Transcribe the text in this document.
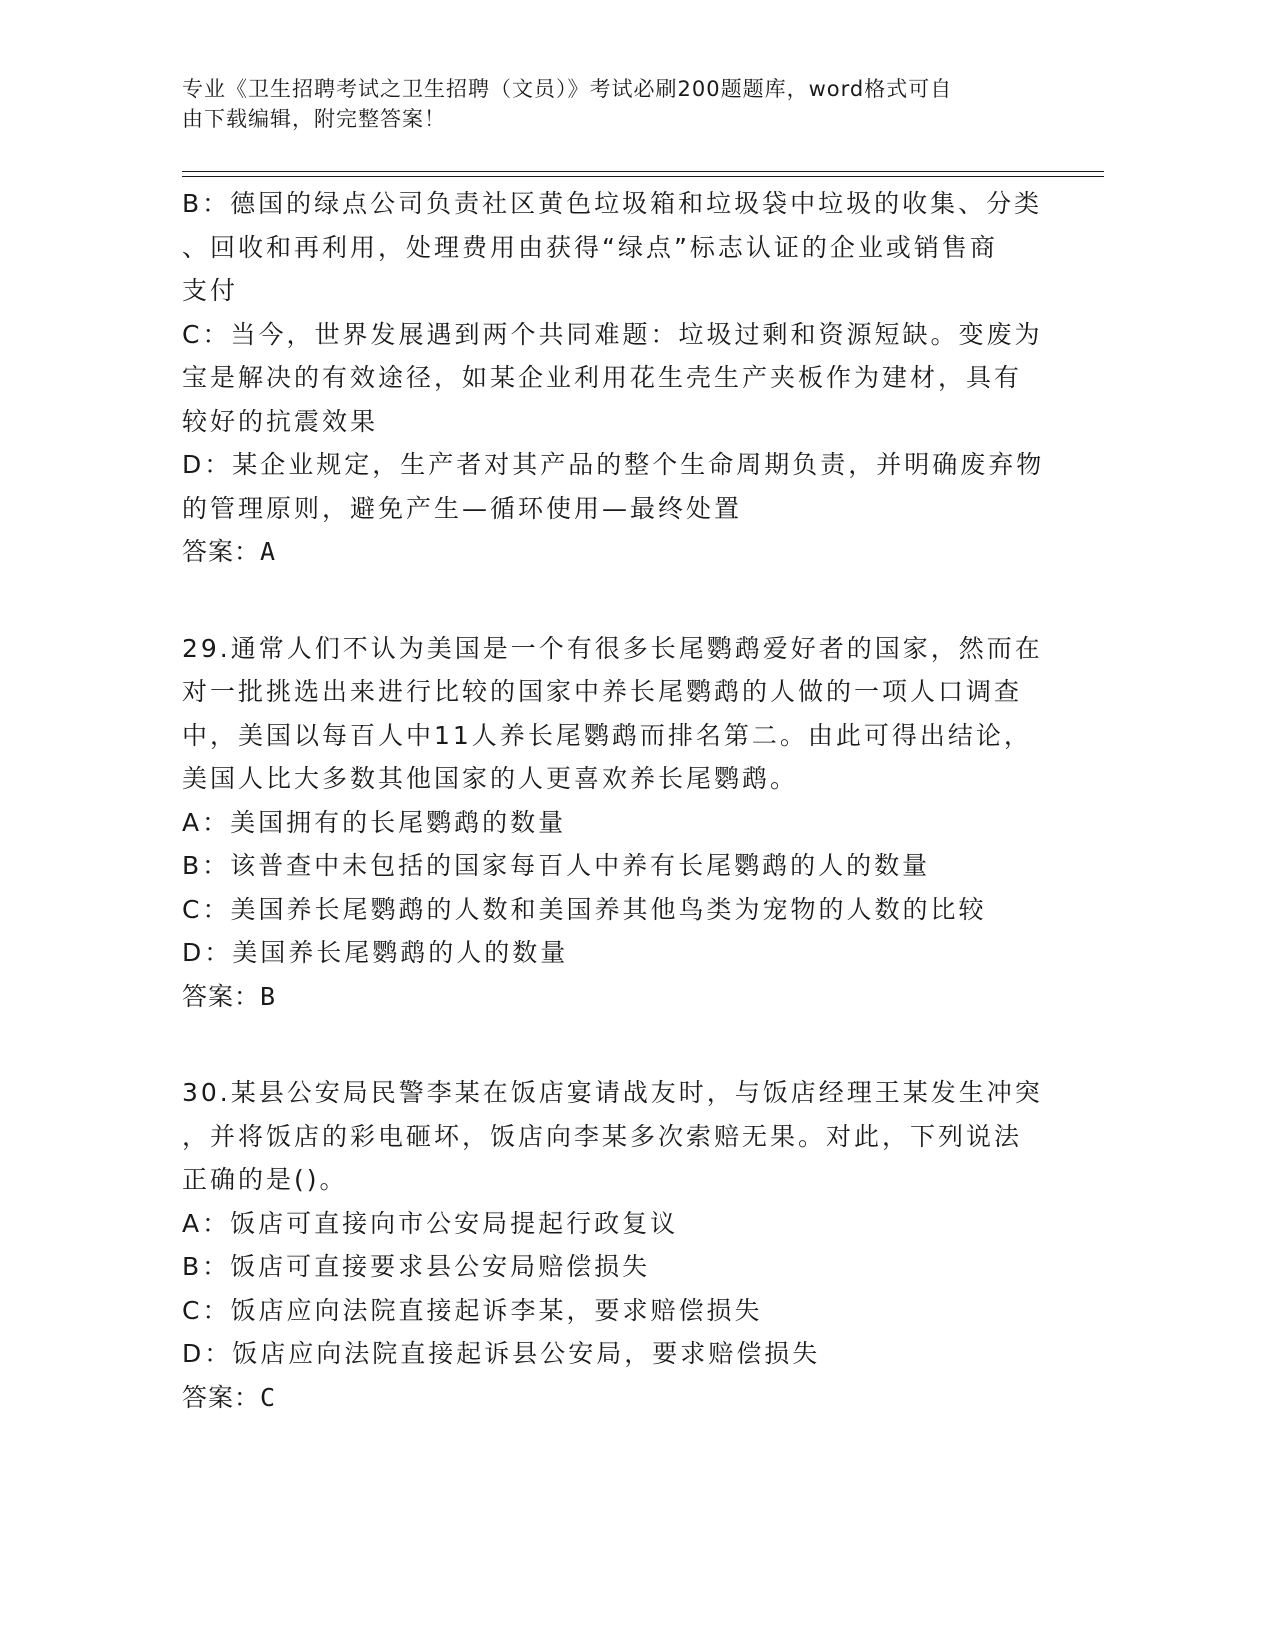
专业《卫生招聘考试之卫生招聘（文员）》考试必刷200题题库，word格式可自
由下载编辑，附完整答案！
B：德国的绿点公司负责社区黄色垃圾箱和垃圾袋中垃圾的收集、分类
、回收和再利用，处理费用由获得“绿点”标志认证的企业或销售商
支付
C：当今，世界发展遇到两个共同难题：垃圾过剩和资源短缺。变废为
宝是解决的有效途径，如某企业利用花生壳生产夹板作为建材，具有
较好的抗震效果
D：某企业规定，生产者对其产品的整个生命周期负责，并明确废弃物
的管理原则，避免产生—循环使用—最终处置
答案：A
29.通常人们不认为美国是一个有很多长尾鹦鹉爱好者的国家，然而在
对一批挑选出来进行比较的国家中养长尾鹦鹉的人做的一项人口调查
中，美国以每百人中11人养长尾鹦鹉而排名第二。由此可得出结论，
美国人比大多数其他国家的人更喜欢养长尾鹦鹉。
A：美国拥有的长尾鹦鹉的数量
B：该普查中未包括的国家每百人中养有长尾鹦鹉的人的数量
C：美国养长尾鹦鹉的人数和美国养其他鸟类为宠物的人数的比较
D：美国养长尾鹦鹉的人的数量
答案：B
30.某县公安局民警李某在饭店宴请战友时，与饭店经理王某发生冲突
，并将饭店的彩电砸坏，饭店向李某多次索赔无果。对此，下列说法
正确的是()。
A：饭店可直接向市公安局提起行政复议
B：饭店可直接要求县公安局赔偿损失
C：饭店应向法院直接起诉李某，要求赔偿损失
D：饭店应向法院直接起诉县公安局，要求赔偿损失
答案：C
